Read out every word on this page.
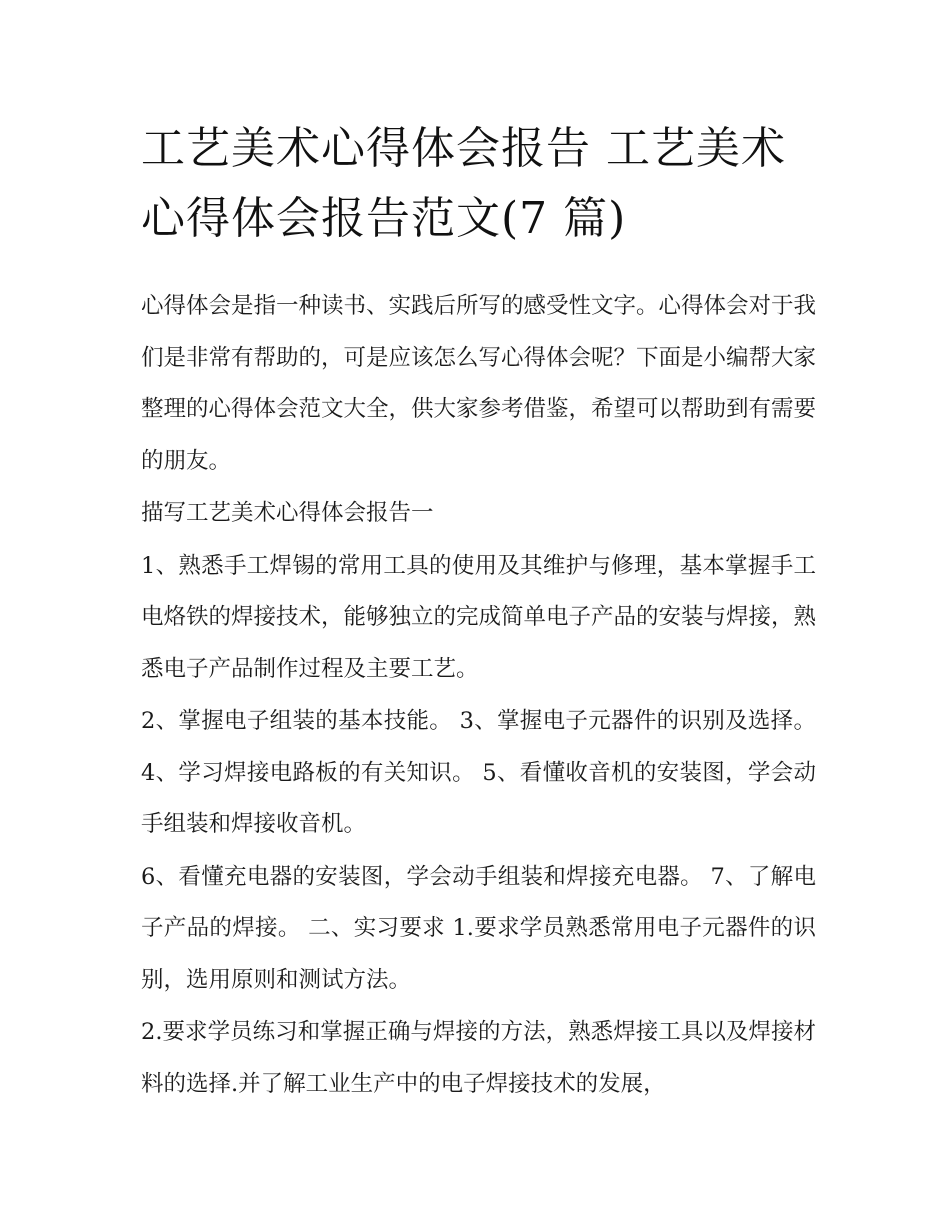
工艺美术心得体会报告 工艺美术心得体会报告范文(7 篇)

心得体会是指一种读书、实践后所写的感受性文字。心得体会对于我们是非常有帮助的，可是应该怎么写心得体会呢？下面是小编帮大家整理的心得体会范文大全，供大家参考借鉴，希望可以帮助到有需要的朋友。

描写工艺美术心得体会报告一

1、熟悉手工焊锡的常用工具的使用及其维护与修理，基本掌握手工电烙铁的焊接技术，能够独立的完成简单电子产品的安装与焊接，熟悉电子产品制作过程及主要工艺。

2、掌握电子组装的基本技能。 3、掌握电子元器件的识别及选择。 4、学习焊接电路板的有关知识。 5、看懂收音机的安装图，学会动手组装和焊接收音机。

6、看懂充电器的安装图，学会动手组装和焊接充电器。 7、了解电子产品的焊接。 二、实习要求 1.要求学员熟悉常用电子元器件的识别，选用原则和测试方法。

2.要求学员练习和掌握正确与焊接的方法，熟悉焊接工具以及焊接材料的选择.并了解工业生产中的电子焊接技术的发展，
